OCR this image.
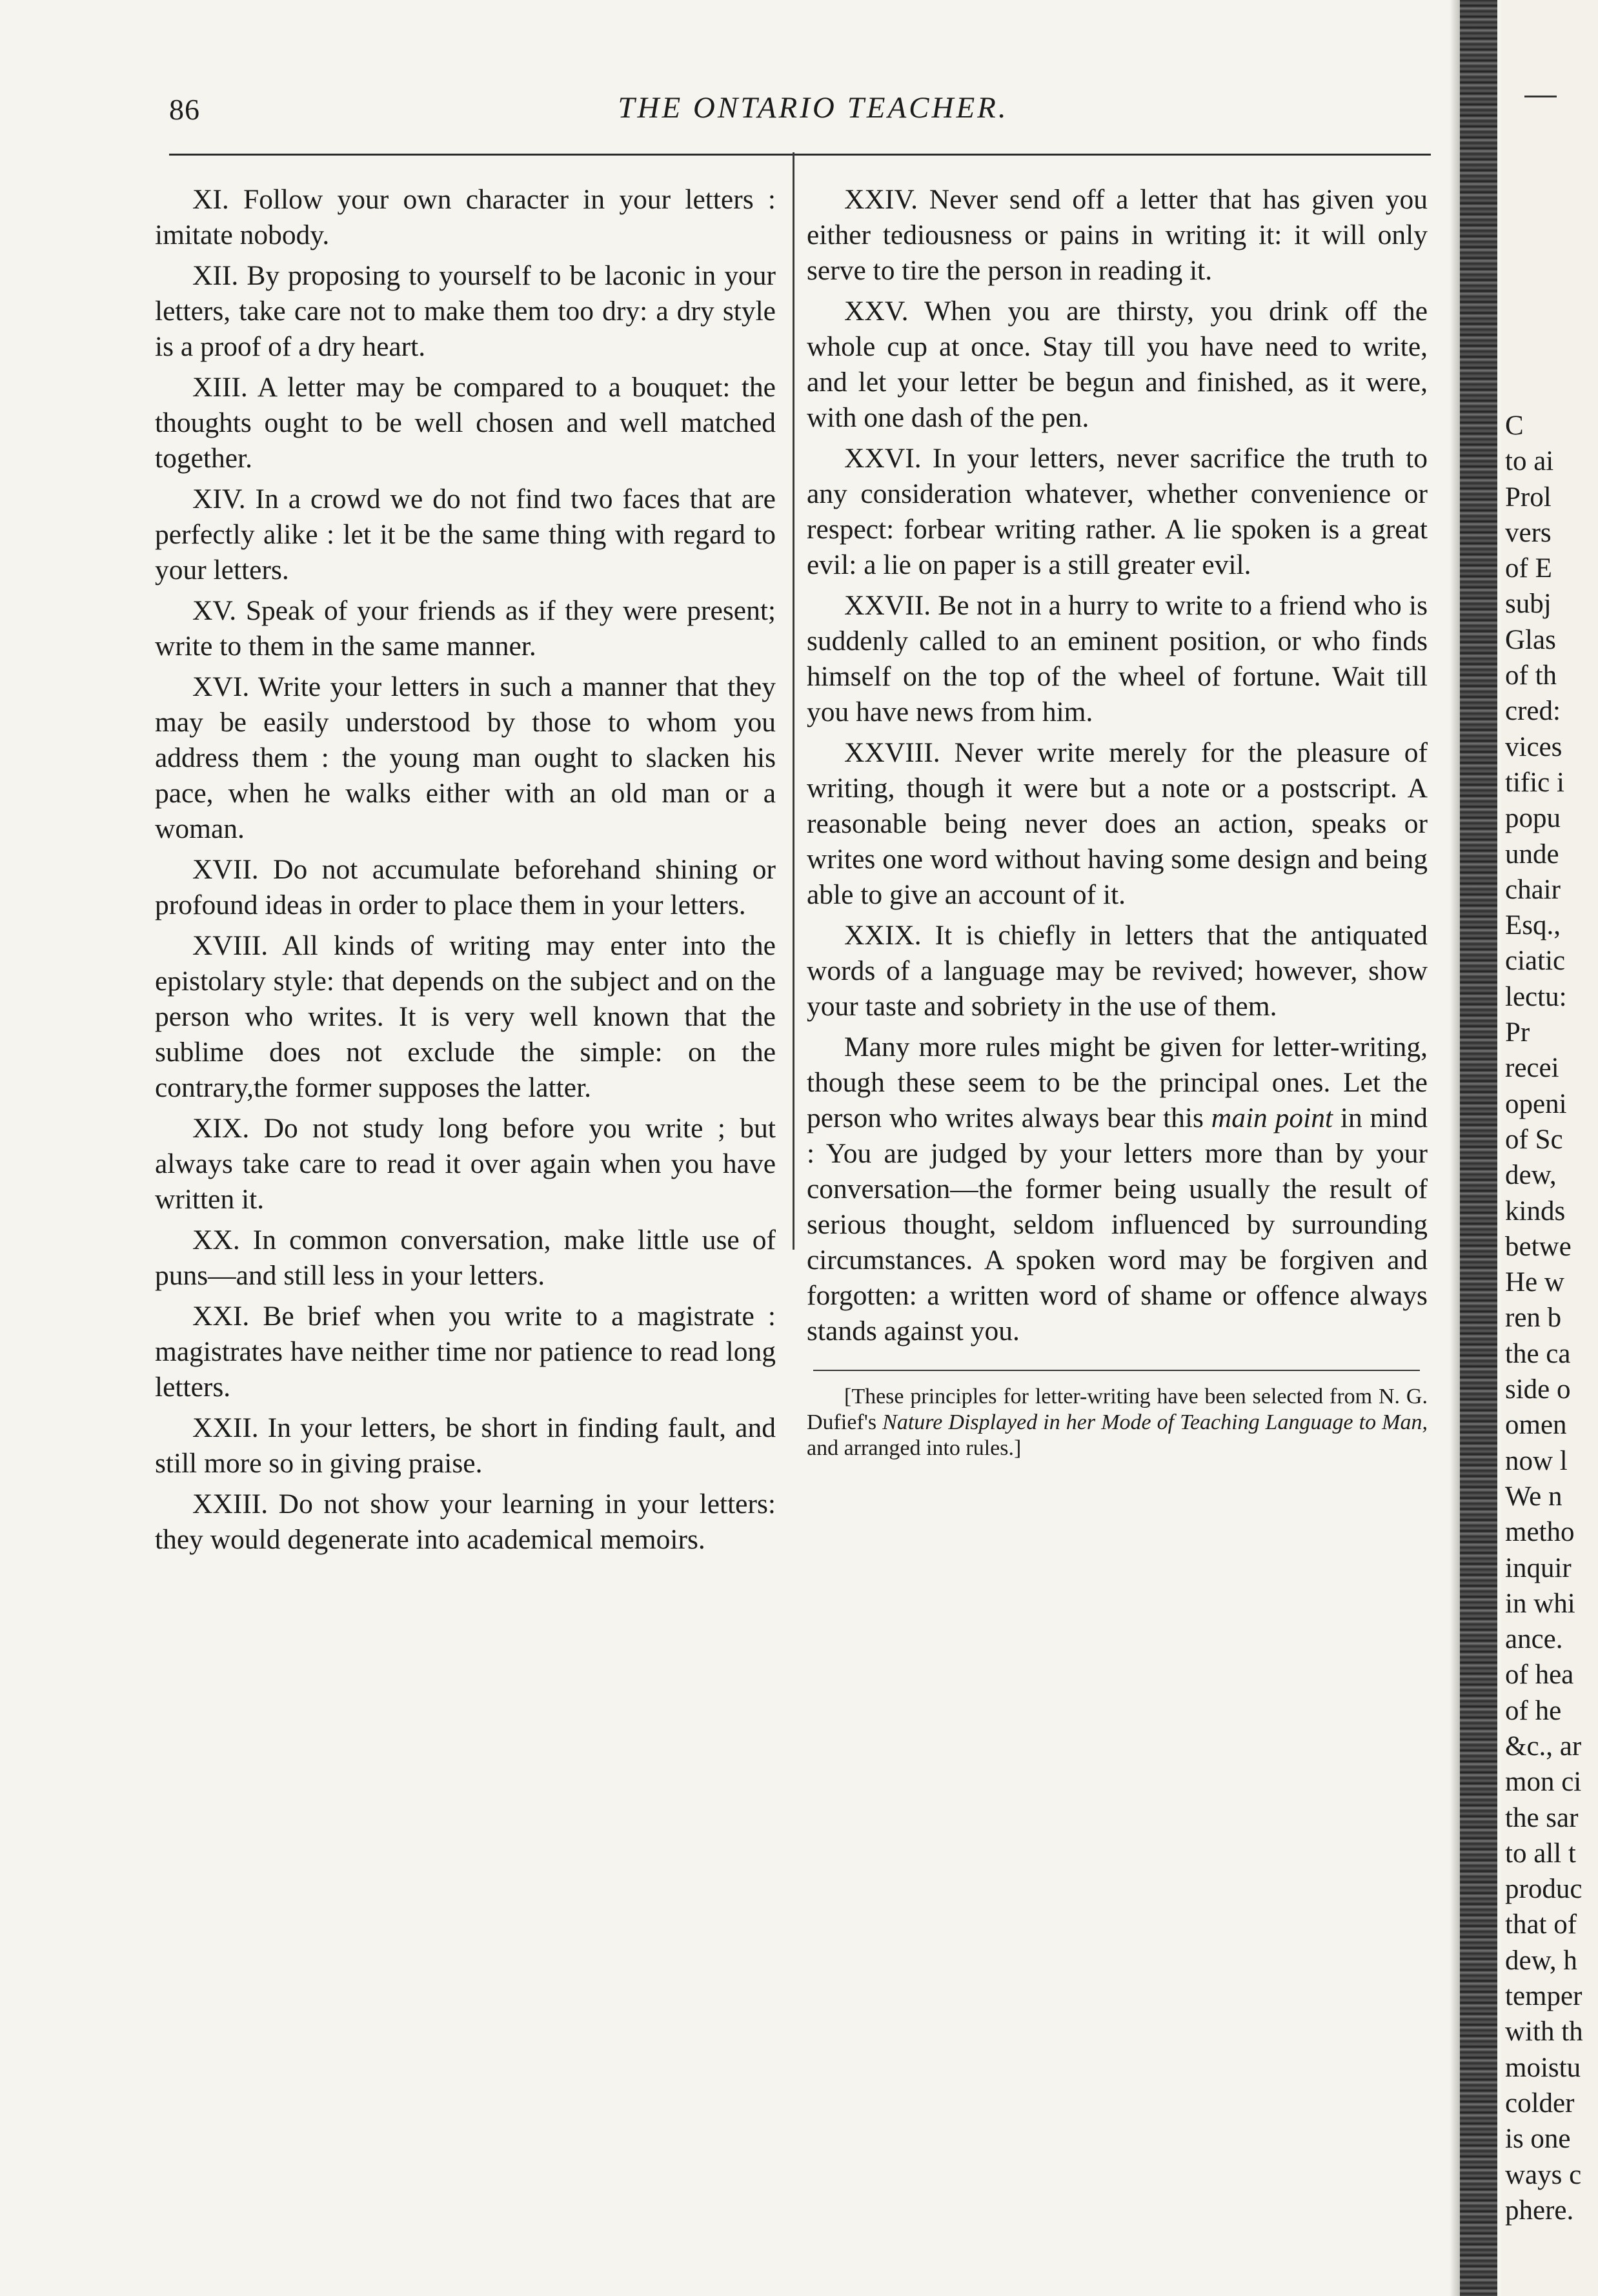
86	THE ONTARIO TEACHER.

XI. Follow your own character in your letters : imitate nobody.

XII. By proposing to yourself to be laconic in your letters, take care not to make them too dry: a dry style is a proof of a dry heart.

XIII. A letter may be compared to a bouquet: the thoughts ought to be well chosen and well matched together.

XIV. In a crowd we do not find two faces that are perfectly alike : let it be the same thing with regard to your letters.

XV. Speak of your friends as if they were present; write to them in the same manner.

XVI. Write your letters in such a manner that they may be easily understood by those to whom you address them : the young man ought to slacken his pace, when he walks either with an old man or a woman.

XVII. Do not accumulate beforehand shining or profound ideas in order to place them in your letters.

XVIII. All kinds of writing may enter into the epistolary style: that depends on the subject and on the person who writes. It is very well known that the sublime does not exclude the simple: on the contrary,the former supposes the latter.

XIX. Do not study long before you write ; but always take care to read it over again when you have written it.

XX. In common conversation, make little use of puns—and still less in your letters.

XXI. Be brief when you write to a magistrate : magistrates have neither time nor patience to read long letters.

XXII. In your letters, be short in finding fault, and still more so in giving praise.

XXIII. Do not show your learning in your letters: they would degenerate into academical memoirs.

XXIV. Never send off a letter that has given you either tediousness or pains in writing it: it will only serve to tire the person in reading it.

XXV. When you are thirsty, you drink off the whole cup at once. Stay till you have need to write, and let your letter be begun and finished, as it were, with one dash of the pen.

XXVI. In your letters, never sacrifice the truth to any consideration whatever, whether convenience or respect: forbear writing rather. A lie spoken is a great evil: a lie on paper is a still greater evil.

XXVII. Be not in a hurry to write to a friend who is suddenly called to an eminent position, or who finds himself on the top of the wheel of fortune. Wait till you have news from him.

XXVIII. Never write merely for the pleasure of writing, though it were but a note or a postscript. A reasonable being never does an action, speaks or writes one word without having some design and being able to give an account of it.

XXIX. It is chiefly in letters that the antiquated words of a language may be revived; however, show your taste and sobriety in the use of them.

Many more rules might be given for letter-writing, though these seem to be the principal ones. Let the person who writes always bear this main point in mind : You are judged by your letters more than by your conversation—the former being usually the result of serious thought, seldom influenced by surrounding circumstances. A spoken word may be forgiven and forgotten: a written word of shame or offence always stands against you.

[These principles for letter-writing have been selected from N. G. Dufief's Nature Displayed in her Mode of Teaching Language to Man, and arranged into rules.]

C
to ai
Prol
vers
of E
subj
Glas
of th
cred:
vices
tific i
popu
unde
chair
Esq.,
ciatic
lectu:
Pr
recei
openi
of Sc
dew,
kinds
betwe
He w
ren b
the ca
side o
omen
now l
We n
metho
inquir
in whi
ance.
of hea
of he
&c., ar
mon ci
the sar
to all t
produc
that of
dew, h
temper
with th
moistu
colder
is one
ways c
phere.
